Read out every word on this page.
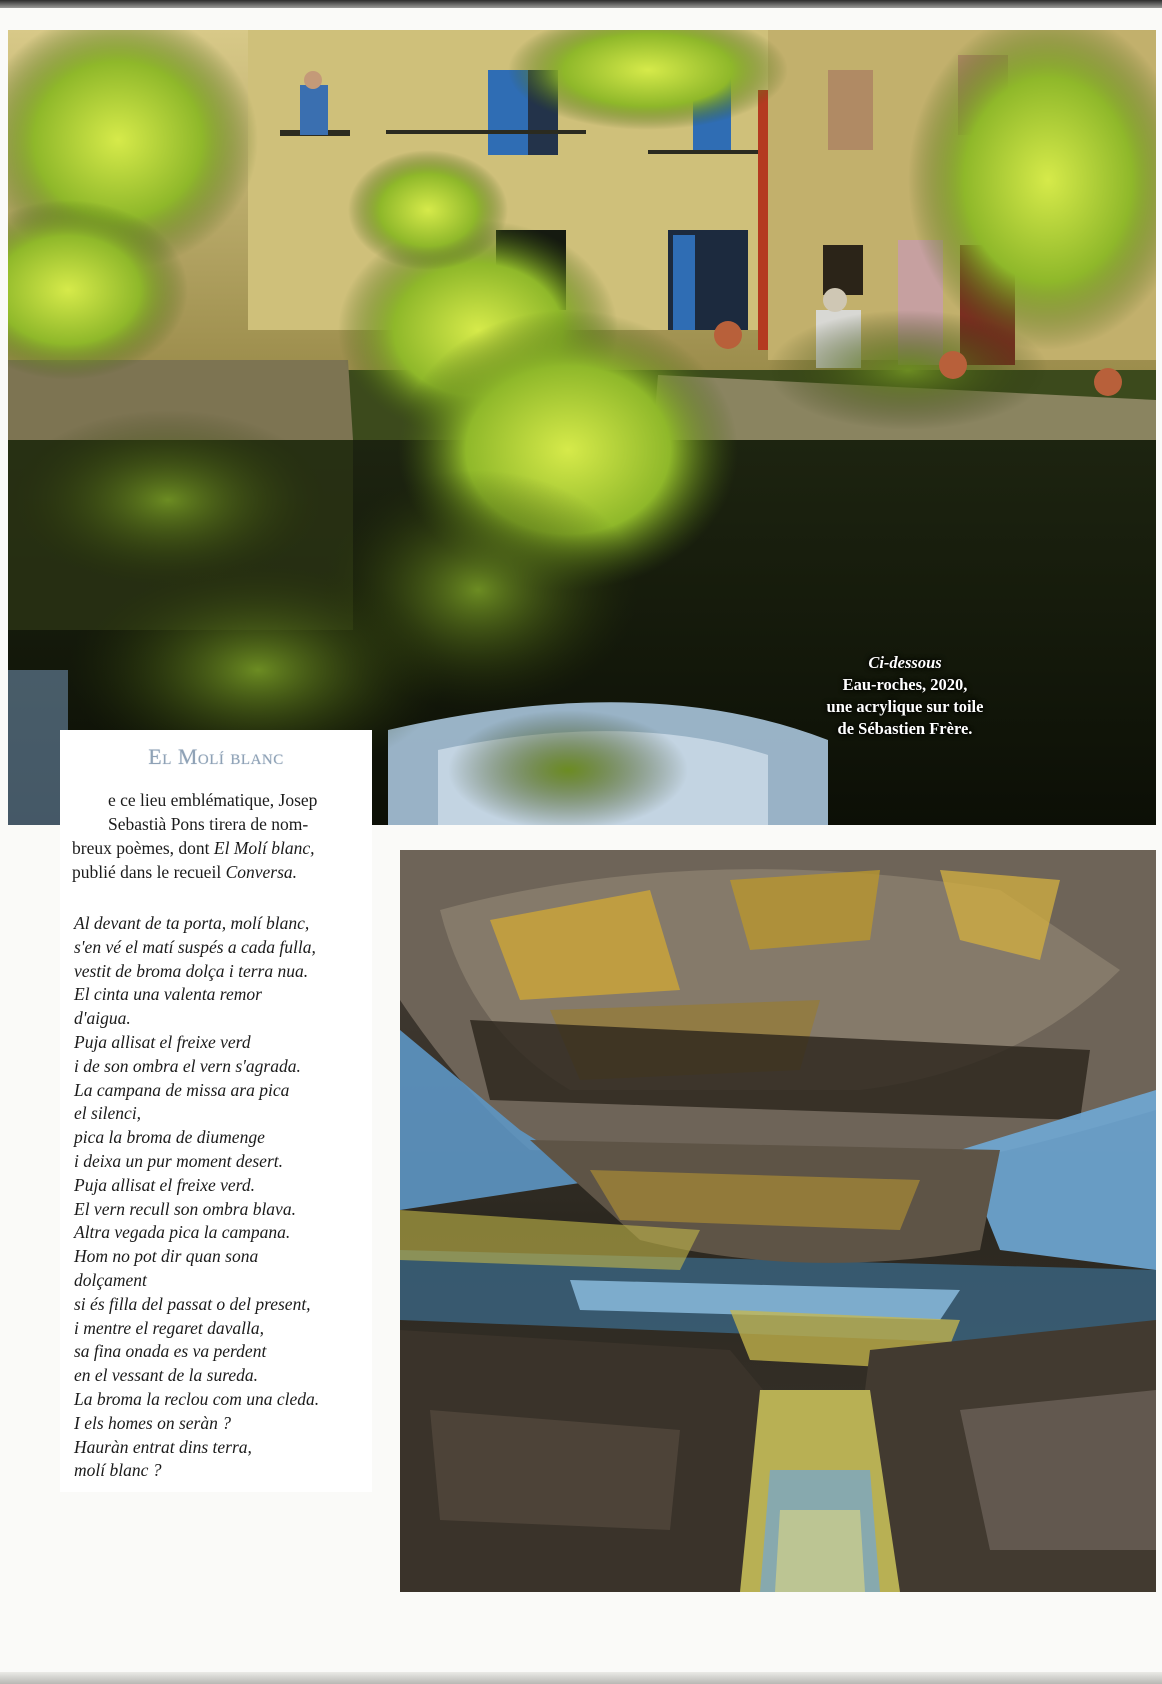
Ci-dessous
Eau-roches, 2020,
une acrylique sur toile
de Sébastien Frère.
El Molí blanc
e ce lieu emblématique, Josep
Sebastià Pons tirera de nom-
breux poèmes, dont El Molí blanc,
publié dans le recueil Conversa.
Al devant de ta porta, molí blanc,
s'en vé el matí suspés a cada fulla,
vestit de broma dolça i terra nua.
El cinta una valenta remor
d'aigua.
Puja allisat el freixe verd
i de son ombra el vern s'agrada.
La campana de missa ara pica
el silenci,
pica la broma de diumenge
i deixa un pur moment desert.
Puja allisat el freixe verd.
El vern recull son ombra blava.
Altra vegada pica la campana.
Hom no pot dir quan sona
dolçament
si és filla del passat o del present,
i mentre el regaret davalla,
sa fina onada es va perdent
en el vessant de la sureda.
La broma la reclou com una cleda.
I els homes on seràn ?
Hauràn entrat dins terra,
molí blanc ?
